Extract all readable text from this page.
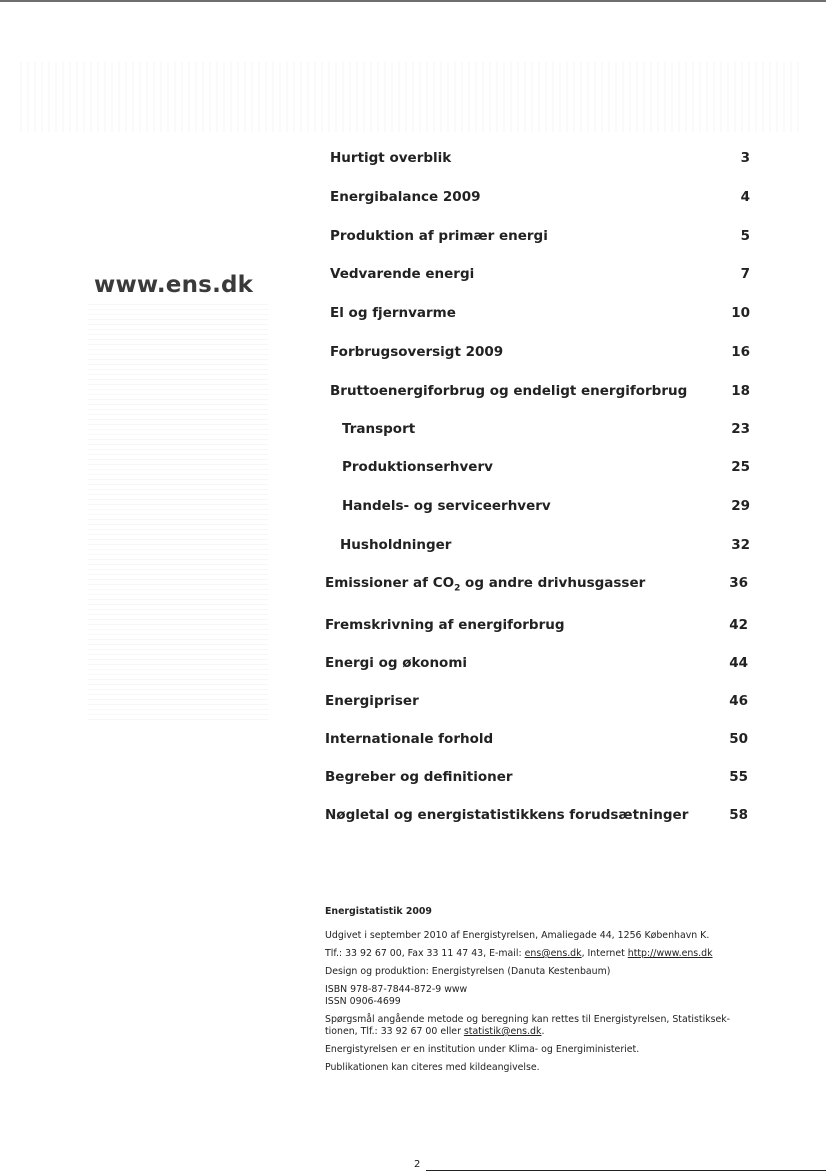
www.ens.dk
Hurtigt overblik	3
Energibalance 2009	4
Produktion af primær energi	5
Vedvarende energi	7
El og fjernvarme	10
Forbrugsoversigt 2009	16
Bruttoenergiforbrug og endeligt energiforbrug	18
Transport	23
Produktionserhverv	25
Handels- og serviceerhverv	29
Husholdninger	32
Emissioner af $CO_2$ og andre drivhusgasser	36
Fremskrivning af energiforbrug	42
Energi og økonomi	44
Energipriser	46
Internationale forhold	50
Begreber og definitioner	55
Nøgletal og energistatistikkens forudsætninger	58
Energistatistik 2009

Udgivet i september 2010 af Energistyrelsen, Amaliegade 44, 1256 København K.

Tlf.: 33 92 67 00, Fax 33 11 47 43, E-mail: ens@ens.dk, Internet http://www.ens.dk

Design og produktion: Energistyrelsen (Danuta Kestenbaum)

ISBN 978-87-7844-872-9 www

ISSN 0906-4699

Spørgsmål angående metode og beregning kan rettes til Energistyrelsen, Statistiksek- tionen, Tlf.: 33 92 67 00 eller statistik@ens.dk.

Energistyrelsen er en institution under Klima- og Energiministeriet.

Publikationen kan citeres med kildeangivelse.

2
